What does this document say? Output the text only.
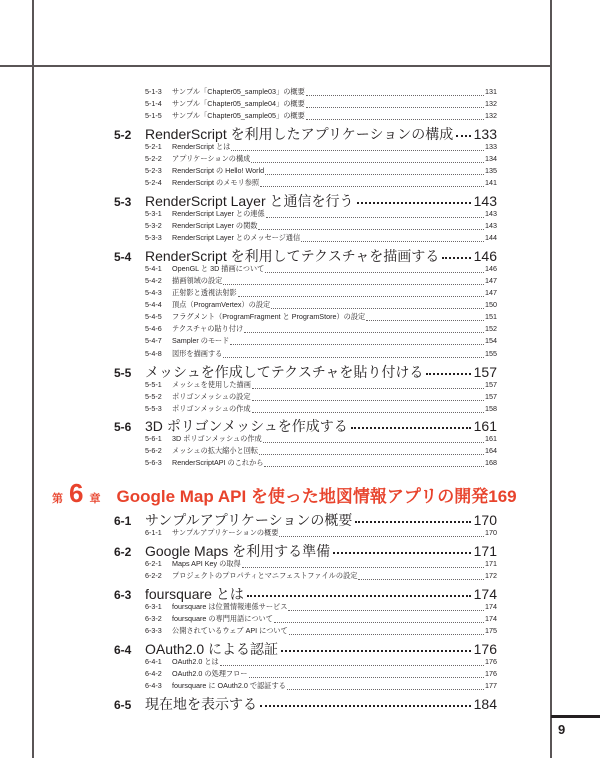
9
5-1-3	サンプル「Chapter05_sample03」の概要	131
5-1-4	サンプル「Chapter05_sample04」の概要	132
5-1-5	サンプル「Chapter05_sample05」の概要	132
5-2 RenderScript を利用したアプリケーションの構成 133
5-2-1	RenderScript とは	133
5-2-2	アプリケーションの構成	134
5-2-3	RenderScript の Hello! World	135
5-2-4	RenderScript のメモリ参照	141
5-3 RenderScript Layer と通信を行う	143
5-3-1	RenderScript Layer との連係	143
5-3-2	RenderScript Layer の関数	143
5-3-3	RenderScript Layer とのメッセージ通信	144
5-4 RenderScript を利用してテクスチャを描画する 146
5-4-1	OpenGL と 3D 描画について	146
5-4-2	描画領域の設定	147
5-4-3	正射影と透視法射影	147
5-4-4	頂点（ProgramVertex）の設定	150
5-4-5	フラグメント（ProgramFragment と ProgramStore）の設定	151
5-4-6	テクスチャの貼り付け	152
5-4-7	Sampler のモード	154
5-4-8	図形を描画する	155
5-5 メッシュを作成してテクスチャを貼り付ける	157
5-5-1	メッシュを使用した描画	157
5-5-2	ポリゴンメッシュの設定	157
5-5-3	ポリゴンメッシュの作成	158
5-6 3D ポリゴンメッシュを作成する	161
5-6-1	3D ポリゴンメッシュの作成	161
5-6-2	メッシュの拡大縮小と回転	164
5-6-3	RenderScriptAPI のこれから	168
第 6 章 Google Map API を使った地図情報アプリの開発 169
6-1 サンプルアプリケーションの概要	170
6-1-1	サンプルアプリケーションの概要	170
6-2 Google Maps を利用する準備	171
6-2-1	Maps API Key の取得	171
6-2-2	プロジェクトのプロパティとマニフェストファイルの設定	172
6-3 foursquare とは	174
6-3-1	foursquare は位置情報連係サービス	174
6-3-2	foursquare の専門用語について	174
6-3-3	公開されているウェブ API について	175
6-4 OAuth2.0 による認証	176
6-4-1	OAuth2.0 とは	176
6-4-2	OAuth2.0 の処理フロー	176
6-4-3	foursquare に OAuth2.0 で認証する	177
6-5 現在地を表示する	184
